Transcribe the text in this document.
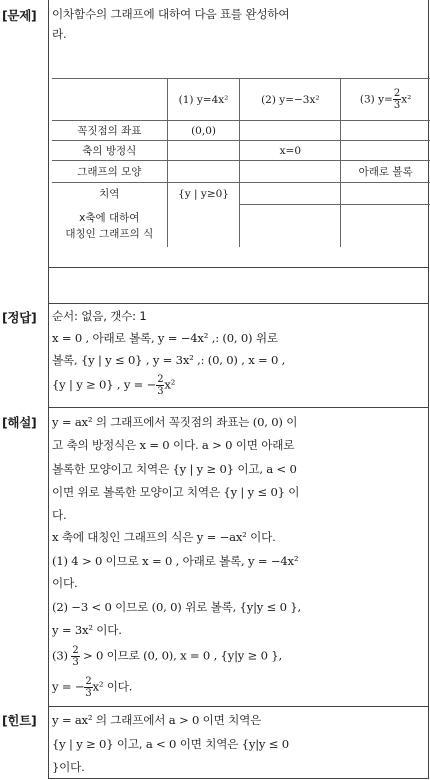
[문제]
[정답]
[해설]
[힌트]
이차함수의 그래프에 대하여 다음 표를 완성하여
라.
	(1) y=4x²	(2) y=−3x²	(3) $y= \frac{2}{3} x^2$
꼭짓점의 좌표	(0,0)		
축의 방정식		x=0	
그래프의 모양			아래로 볼록
치역	{y | y≥0}		

x축에 대하여
대칭인 그래프의 식			

순서: 없음, 갯수: 1
x = 0 , 아래로 볼록, y = −4x² ,: (0, 0) 위로
볼록, {y | y ≤ 0} , y = 3x² ,: (0, 0) , x = 0 ,
{y | y ≥ 0} , y = − $\frac{2}{3} x^2$
y = ax² 의 그래프에서 꼭짓점의 좌표는 (0, 0) 이
고 축의 방정식은 x = 0 이다. a > 0 이면 아래로
볼록한 모양이고 치역은 {y | y ≥ 0} 이고, a < 0
이면 위로 볼록한 모양이고 치역은 {y | y ≤ 0} 이
다.
x 축에 대칭인 그래프의 식은 y = −ax² 이다.
(1) 4 > 0 이므로 x = 0 , 아래로 볼록, y = −4x²
이다.
(2) −3 < 0 이므로 (0, 0) 위로 볼록, {y|y ≤ 0 },
y = 3x² 이다.
$(3) \frac{2}{3} > 0$ 이므로 (0, 0), x = 0 , {y|y ≥ 0 },
y = − $\frac{2}{3} x^2$ 이다.
y = ax² 의 그래프에서 a > 0 이면 치역은
{y | y ≥ 0} 이고, a < 0 이면 치역은 {y|y ≤ 0
}이다.
